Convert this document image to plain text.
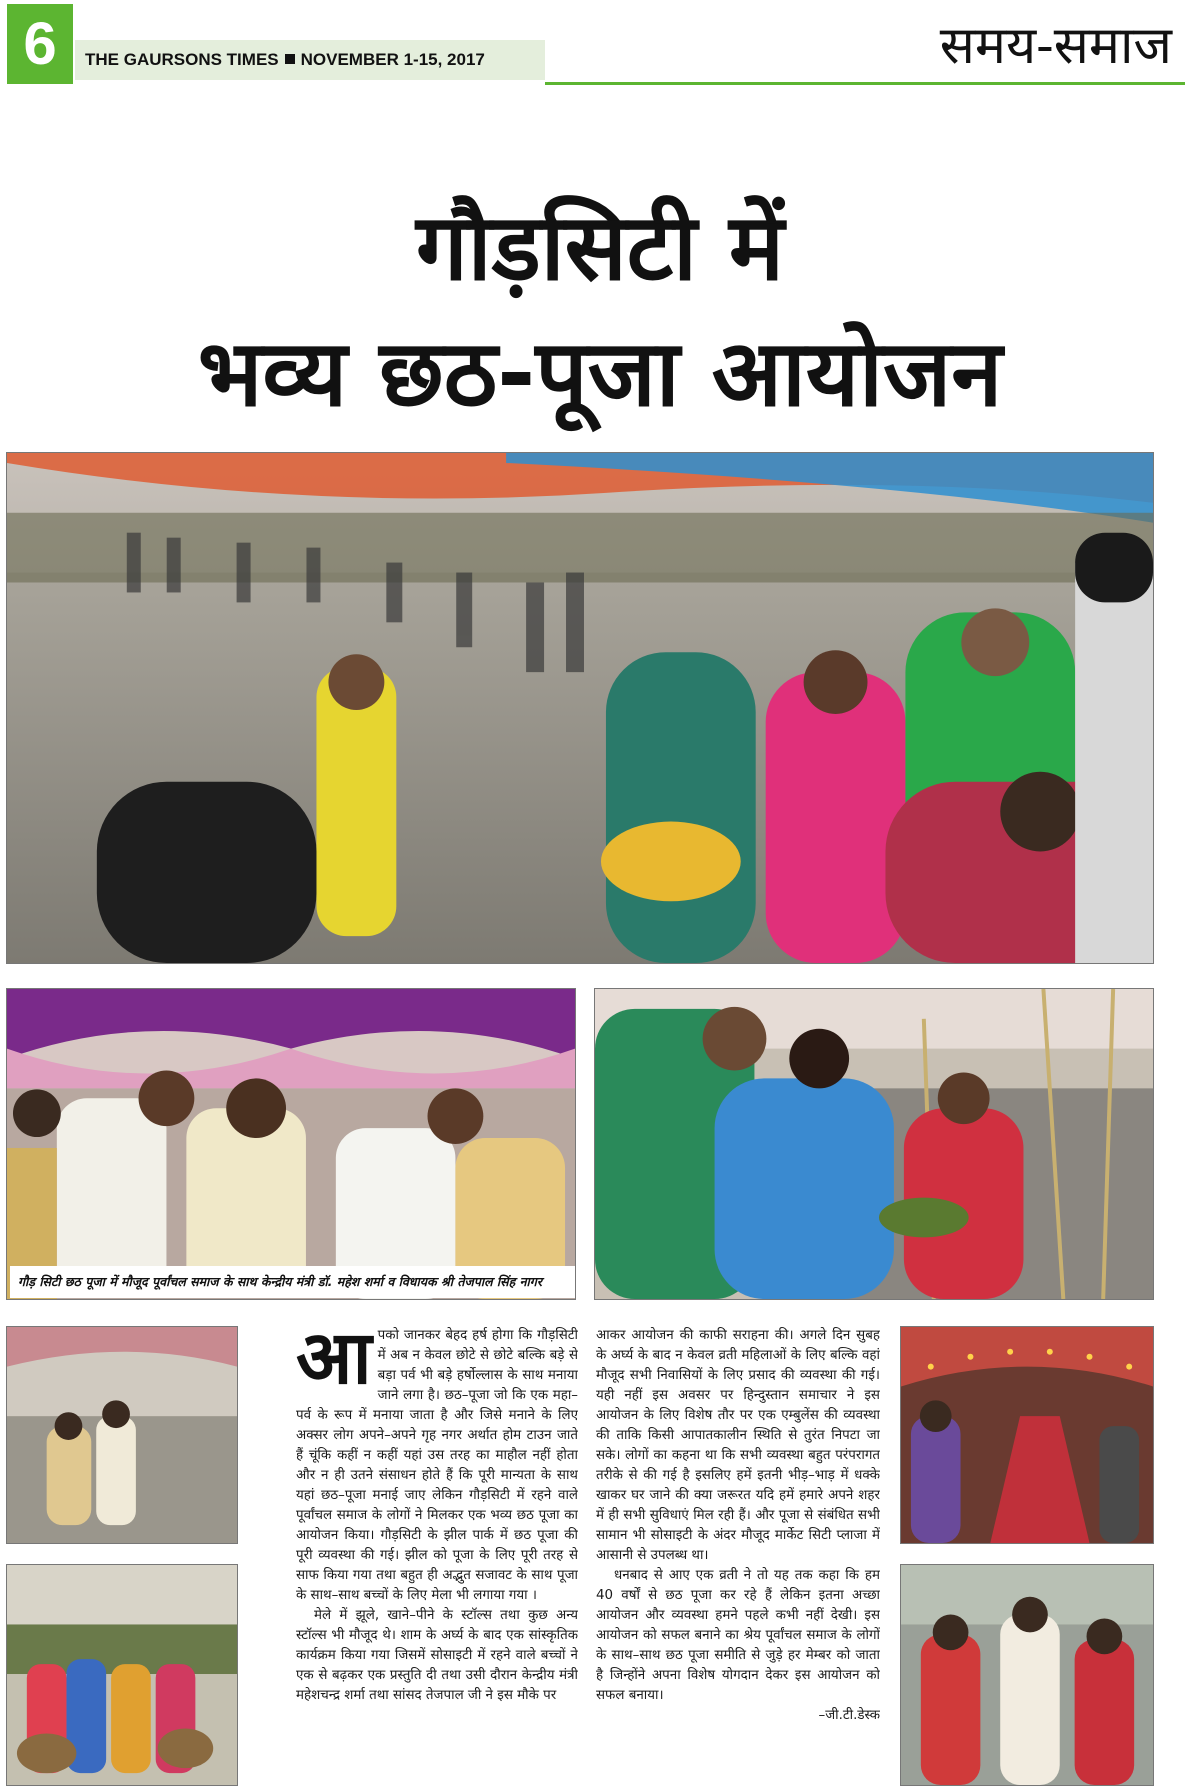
6	THE GAURSONS TIMES NOVEMBER 1-15, 2017	समय-समाज
गौड़सिटी में
भव्य छठ-पूजा आयोजन
गौड़ सिटी छठ पूजा में मौजूद पूर्वांचल समाज के साथ केन्द्रीय मंत्री डॉ. महेश शर्मा व विधायक श्री तेजपाल सिंह नागर
आ पको जानकर बेहद हर्ष होगा कि गौड़सिटी में अब न केवल छोटे से छोटे बल्कि बड़े से बड़ा पर्व भी बड़े हर्षोल्लास के साथ मनाया जाने लगा है। छठ–पूजा जो कि एक महा–पर्व के रूप में मनाया जाता है और जिसे मनाने के लिए अक्सर लोग अपने–अपने गृह नगर अर्थात होम टाउन जाते हैं चूंकि कहीं न कहीं यहां उस तरह का माहौल नहीं होता और न ही उतने संसाधन होते हैं कि पूरी मान्यता के साथ यहां छठ–पूजा मनाई जाए लेकिन गौड़सिटी में रहने वाले पूर्वांचल समाज के लोगों ने मिलकर एक भव्य छठ पूजा का आयोजन किया। गौड़सिटी के झील पार्क में छठ पूजा की पूरी व्यवस्था की गई। झील को पूजा के लिए पूरी तरह से साफ किया गया तथा बहुत ही अद्भुत सजावट के साथ पूजा के साथ–साथ बच्चों के लिए मेला भी लगाया गया ।

मेले में झूले, खाने–पीने के स्टॉल्स तथा कुछ अन्य स्टॉल्स भी मौजूद थे। शाम के अर्घ्य के बाद एक सांस्कृतिक कार्यक्रम किया गया जिसमें सोसाइटी में रहने वाले बच्चों ने एक से बढ़कर एक प्रस्तुति दी तथा उसी दौरान केन्द्रीय मंत्री महेशचन्द्र शर्मा तथा सांसद तेजपाल जी ने इस मौके पर

आकर आयोजन की काफी सराहना की। अगले दिन सुबह के अर्घ्य के बाद न केवल व्रती महिलाओं के लिए बल्कि वहां मौजूद सभी निवासियों के लिए प्रसाद की व्यवस्था की गई। यही नहीं इस अवसर पर हिन्दुस्तान समाचार ने इस आयोजन के लिए विशेष तौर पर एक एम्बुलेंस की व्यवस्था की ताकि किसी आपातकालीन स्थिति से तुरंत निपटा जा सके। लोगों का कहना था कि सभी व्यवस्था बहुत परंपरागत तरीके से की गई है इसलिए हमें इतनी भीड़–भाड़ में धक्के खाकर घर जाने की क्या जरूरत यदि हमें हमारे अपने शहर में ही सभी सुविधाएं मिल रही हैं। और पूजा से संबंधित सभी सामान भी सोसाइटी के अंदर मौजूद मार्केट सिटी प्लाजा में आसानी से उपलब्ध था।

धनबाद से आए एक व्रती ने तो यह तक कहा कि हम 40 वर्षों से छठ पूजा कर रहे हैं लेकिन इतना अच्छा आयोजन और व्यवस्था हमने पहले कभी नहीं देखी। इस आयोजन को सफल बनाने का श्रेय पूर्वांचल समाज के लोगों के साथ–साथ छठ पूजा समीति से जुड़े हर मेम्बर को जाता है जिन्होंने अपना विशेष योगदान देकर इस आयोजन को सफल बनाया।

–जी.टी.डेस्क
